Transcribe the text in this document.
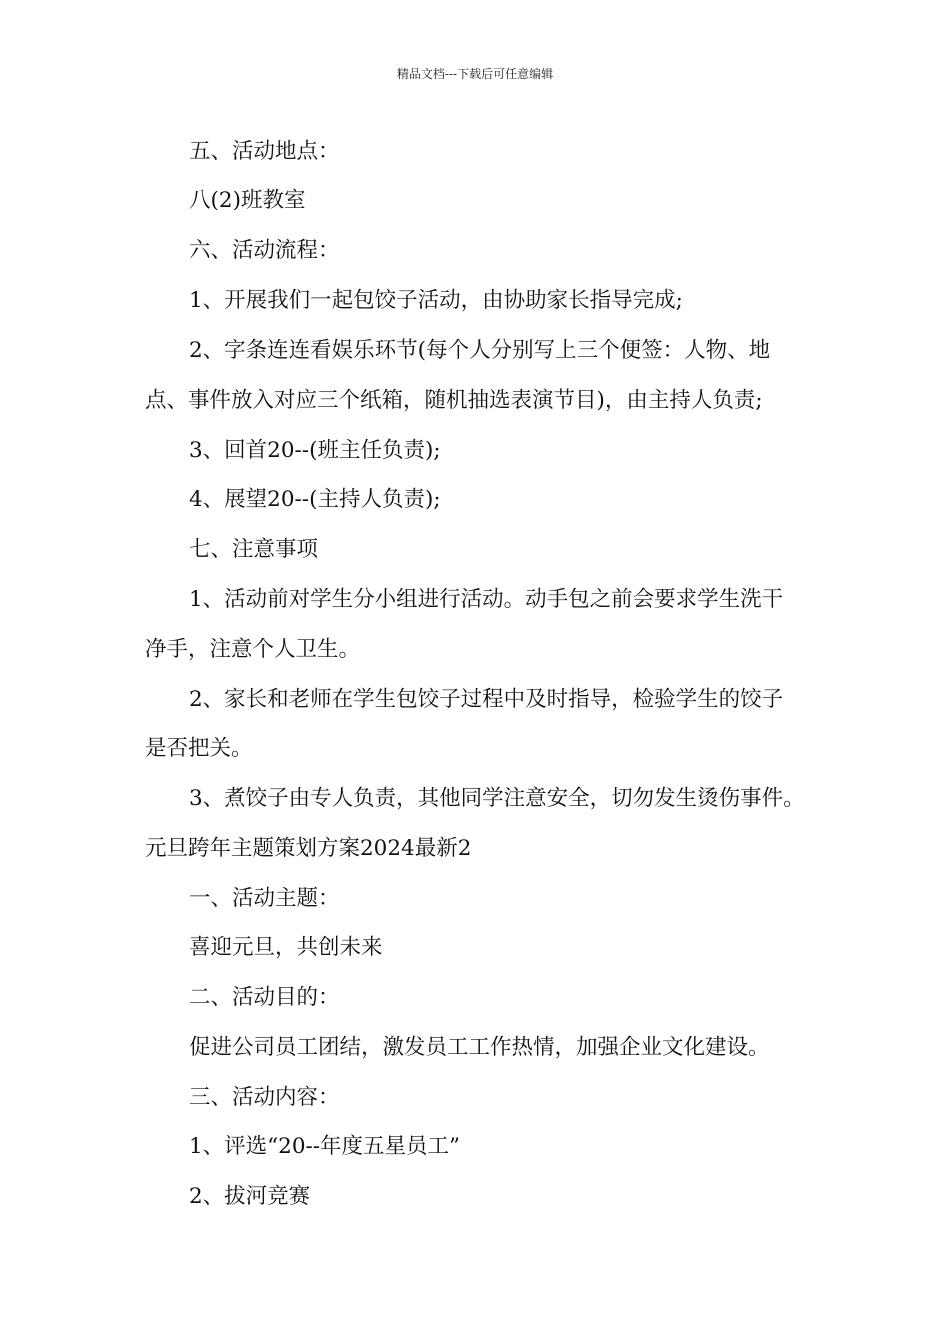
精品文档---下载后可任意编辑
五、活动地点：
八(2)班教室
六、活动流程：
1、开展我们一起包饺子活动，由协助家长指导完成;
2、字条连连看娱乐环节(每个人分别写上三个便签：人物、地
点、事件放入对应三个纸箱，随机抽选表演节目)，由主持人负责;
3、回首20--(班主任负责);
4、展望20--(主持人负责);
七、注意事项
1、活动前对学生分小组进行活动。动手包之前会要求学生洗干
净手，注意个人卫生。
2、家长和老师在学生包饺子过程中及时指导，检验学生的饺子
是否把关。
3、煮饺子由专人负责，其他同学注意安全，切勿发生烫伤事件。
元旦跨年主题策划方案2024最新2
一、活动主题：
喜迎元旦，共创未来
二、活动目的：
促进公司员工团结，激发员工工作热情，加强企业文化建设。
三、活动内容：
1、评选“20--年度五星员工”
2、拔河竞赛
